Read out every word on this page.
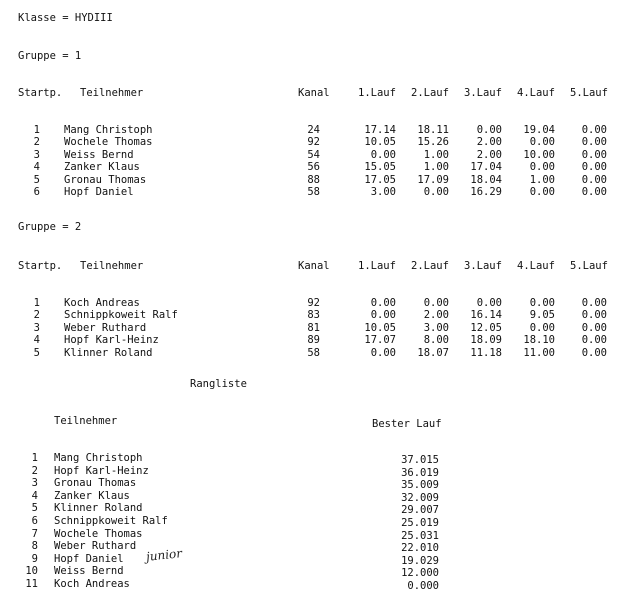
Klasse = HYDIII
Gruppe = 1
Startp. Teilnehmer	Kanal	1.Lauf 2.Lauf 3.Lauf 4.Lauf 5.Lauf
1 Mang Christoph	24	17.14	18.11	0.00	19.04	0.00
2 Wochele Thomas	92	10.05	15.26	2.00	0.00	0.00
3 Weiss Bernd	54	0.00	1.00	2.00	10.00	0.00
4 Zanker Klaus	56	15.05	1.00	17.04	0.00	0.00
5 Gronau Thomas	88	17.05	17.09	18.04	1.00	0.00
6 Hopf Daniel	58	3.00	0.00	16.29	0.00	0.00
Gruppe = 2
Startp. Teilnehmer	Kanal	1.Lauf 2.Lauf 3.Lauf 4.Lauf 5.Lauf
1 Koch Andreas	92	0.00	0.00	0.00	0.00	0.00
2 Schnippkoweit Ralf	83	0.00	2.00	16.14	9.05	0.00
3 Weber Ruthard	81	10.05	3.00	12.05	0.00	0.00
4 Hopf Karl-Heinz	89	17.07	8.00	18.09	18.10	0.00
5 Klinner Roland	58	0.00	18.07	11.18	11.00	0.00
Rangliste
Teilnehmer	Bester Lauf
1 Mang Christoph	37.015
2 Hopf Karl-Heinz	36.019
3 Gronau Thomas	35.009
4 Zanker Klaus	32.009
5 Klinner Roland	29.007
6 Schnippkoweit Ralf	25.019
7 Wochele Thomas	25.031
8 Weber Ruthard	22.010
9 Hopf Daniel	19.029
10 Weiss Bernd	12.000
11 Koch Andreas	0.000
junior
